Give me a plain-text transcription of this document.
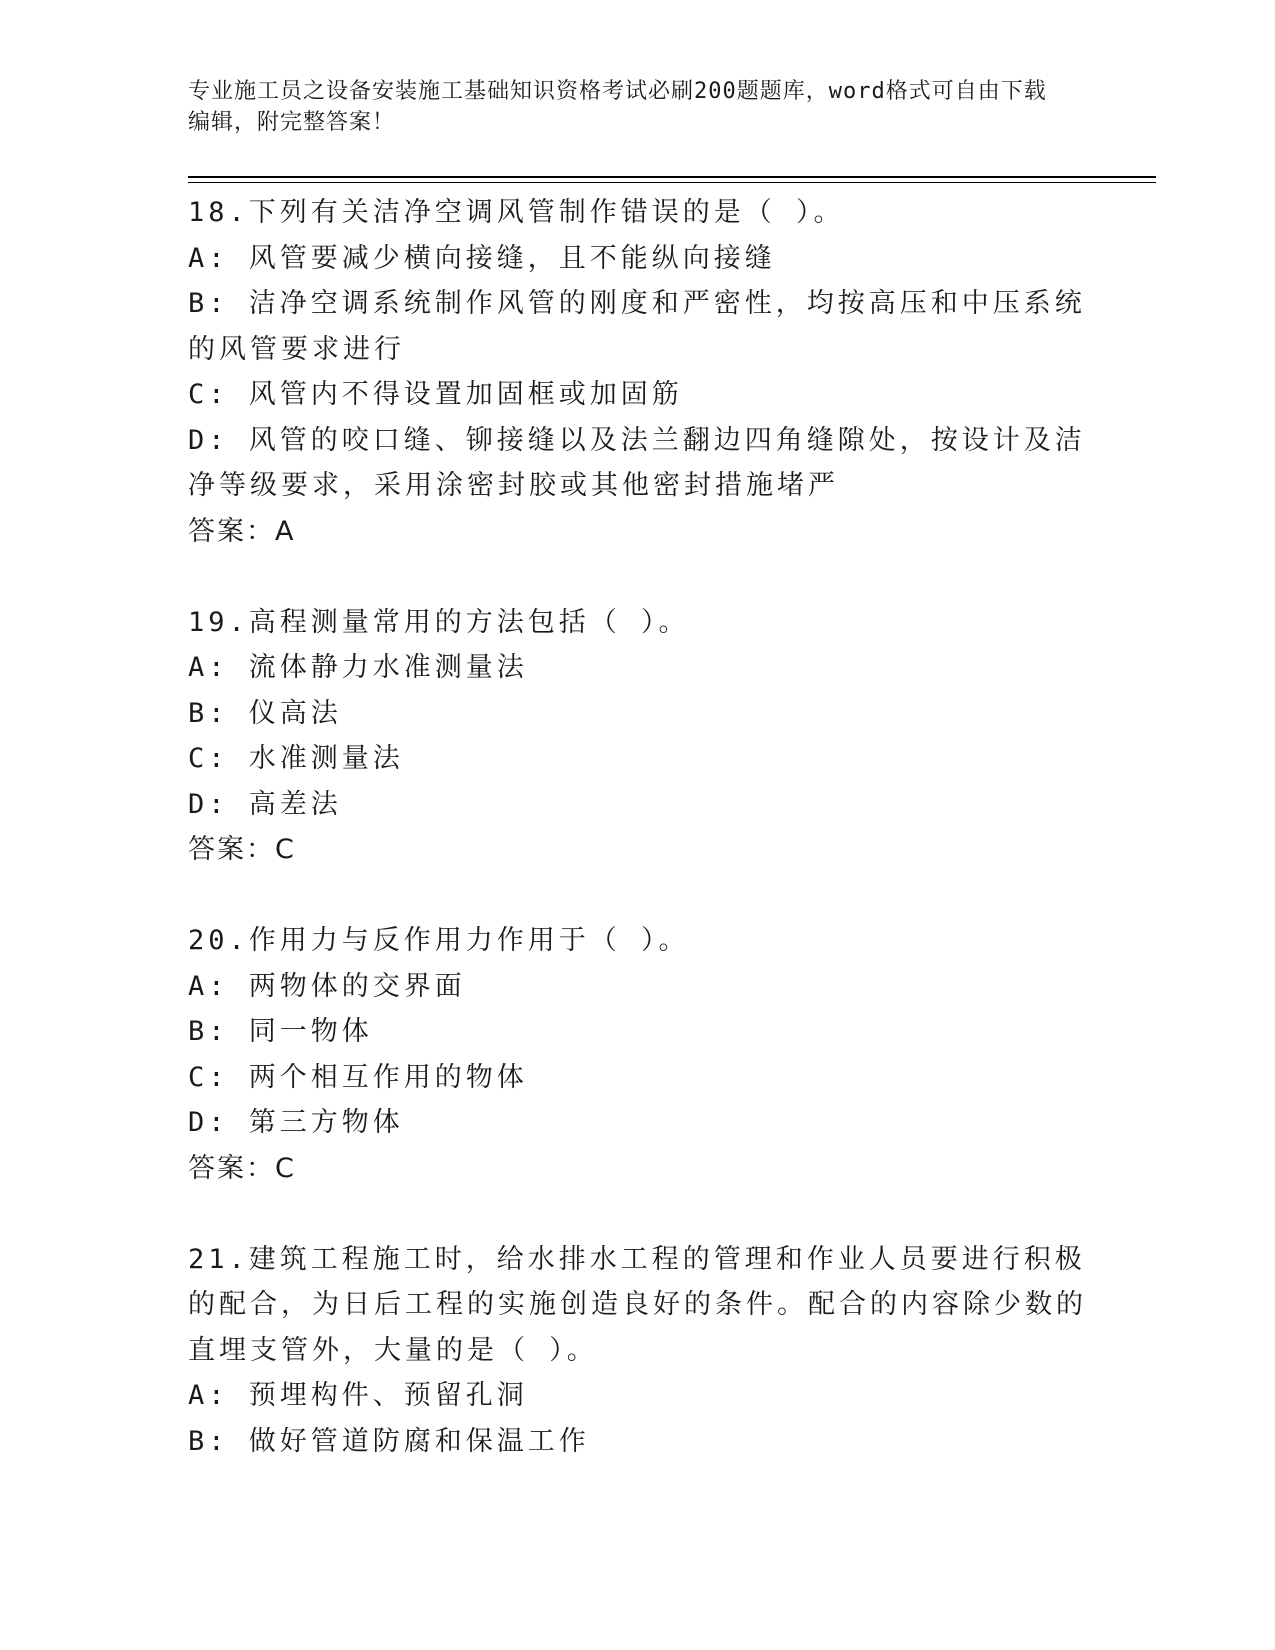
专业施工员之设备安装施工基础知识资格考试必刷200题题库，word格式可自由下载编辑，附完整答案！
18.下列有关洁净空调风管制作错误的是（ ）。
A: 风管要减少横向接缝，且不能纵向接缝
B: 洁净空调系统制作风管的刚度和严密性，均按高压和中压系统的风管要求进行
C: 风管内不得设置加固框或加固筋
D: 风管的咬口缝、铆接缝以及法兰翻边四角缝隙处，按设计及洁净等级要求，采用涂密封胶或其他密封措施堵严
答案：A
19.高程测量常用的方法包括（ ）。
A: 流体静力水准测量法
B: 仪高法
C: 水准测量法
D: 高差法
答案：C
20.作用力与反作用力作用于（ ）。
A: 两物体的交界面
B: 同一物体
C: 两个相互作用的物体
D: 第三方物体
答案：C
21.建筑工程施工时，给水排水工程的管理和作业人员要进行积极的配合，为日后工程的实施创造良好的条件。配合的内容除少数的直埋支管外，大量的是（ ）。
A: 预埋构件、预留孔洞
B: 做好管道防腐和保温工作
